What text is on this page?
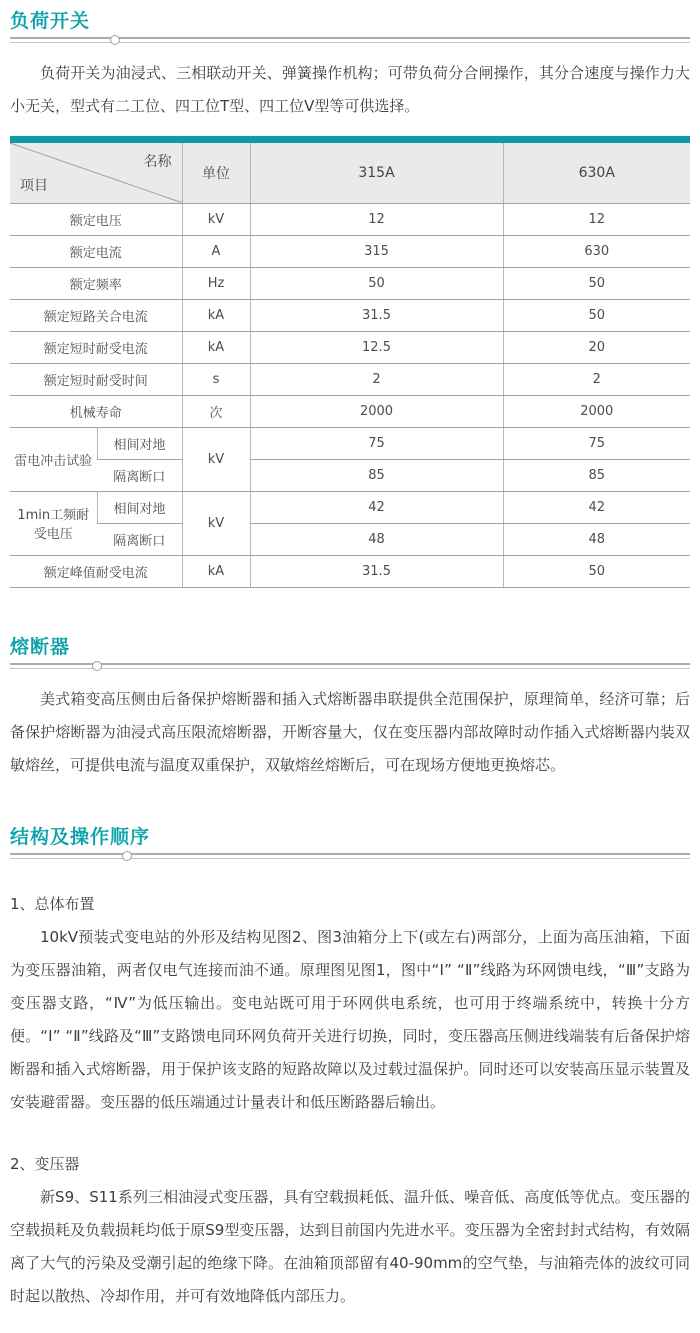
负荷开关

负荷开关为油浸式、三相联动开关、弹簧操作机构；可带负荷分合闸操作，其分合速度与操作力大小无关，型式有二工位、四工位T型、四工位V型等可供选择。

名称
项目		单位	315A	630A
额定电压		kV	12	12
额定电流		A	315	630
额定频率		Hz	50	50
额定短路关合电流		kA	31.5	50
额定短时耐受电流		kA	12.5	20
额定短时耐受时间		s	2	2
机械寿命		次	2000	2000
雷电冲击试验	相间对地	kV	75	75
	隔离断口		85	85
1min工频耐受电压	相间对地	kV	42	42
	隔离断口		48	48
额定峰值耐受电流		kA	31.5	50
熔断器

美式箱变高压侧由后备保护熔断器和插入式熔断器串联提供全范围保护，原理简单，经济可靠；后备保护熔断器为油浸式高压限流熔断器，开断容量大，仅在变压器内部故障时动作插入式熔断器内装双敏熔丝，可提供电流与温度双重保护，双敏熔丝熔断后，可在现场方便地更换熔芯。

结构及操作顺序
1、总体布置

10kV预装式变电站的外形及结构见图2、图3油箱分上下(或左右)两部分，上面为高压油箱，下面为变压器油箱，两者仅电气连接而油不通。原理图见图1，图中“Ⅰ” “Ⅱ”线路为环网馈电线，“Ⅲ”支路为变压器支路，“Ⅳ”为低压输出。变电站既可用于环网供电系统，也可用于终端系统中，转换十分方便。“Ⅰ” “Ⅱ”线路及“Ⅲ”支路馈电同环网负荷开关进行切换，同时，变压器高压侧进线端装有后备保护熔断器和插入式熔断器，用于保护该支路的短路故障以及过载过温保护。同时还可以安装高压显示装置及安装避雷器。变压器的低压端通过计量表计和低压断路器后输出。

2、变压器

新S9、S11系列三相油浸式变压器，具有空载损耗低、温升低、噪音低、高度低等优点。变压器的空载损耗及负载损耗均低于原S9型变压器，达到目前国内先进水平。变压器为全密封封式结构，有效隔离了大气的污染及受潮引起的绝缘下降。在油箱顶部留有40-90mm的空气垫，与油箱壳体的波纹可同时起以散热、冷却作用，并可有效地降低内部压力。
